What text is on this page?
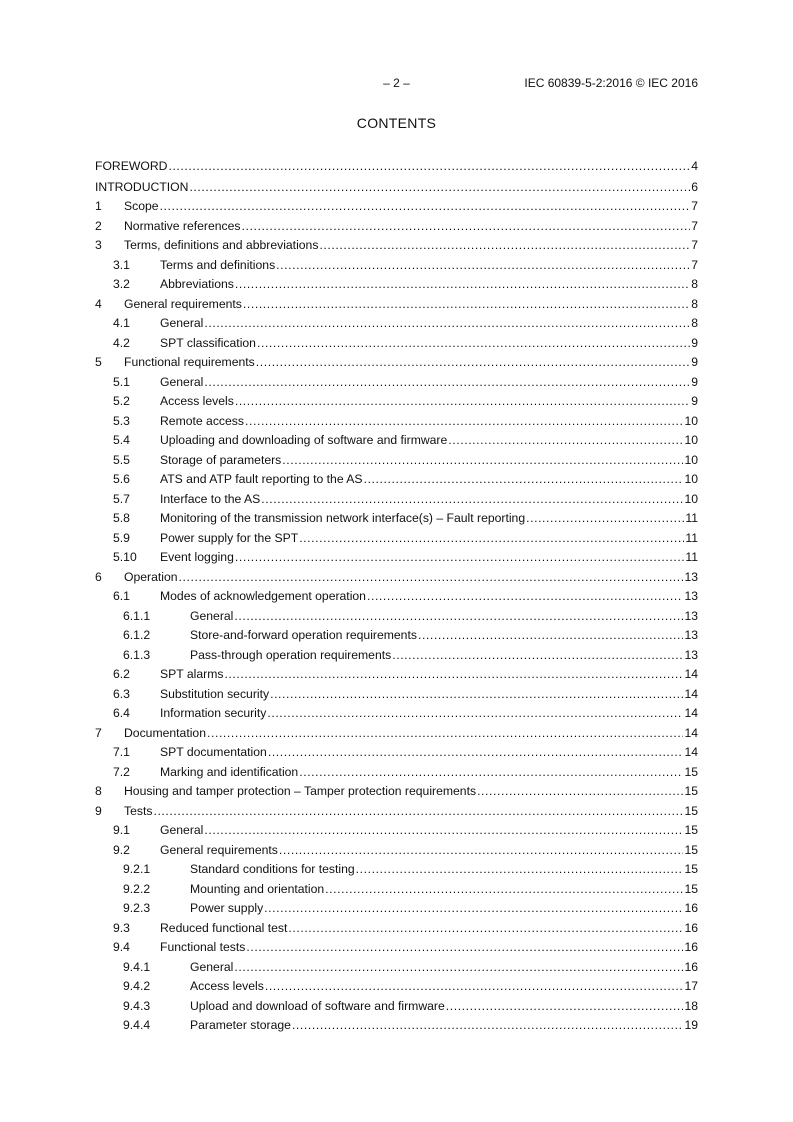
– 2 –	IEC 60839-5-2:2016 © IEC 2016
CONTENTS
FOREWORD .....	4
INTRODUCTION .....	6
1	Scope .....	7
2	Normative references .....	7
3	Terms, definitions and abbreviations .....	7
3.1	Terms and definitions .....	7
3.2	Abbreviations .....	8
4	General requirements .....	8
4.1	General .....	8
4.2	SPT classification .....	9
5	Functional requirements .....	9
5.1	General .....	9
5.2	Access levels .....	9
5.3	Remote access .....	10
5.4	Uploading and downloading of software and firmware .....	10
5.5	Storage of parameters .....	10
5.6	ATS and ATP fault reporting to the AS .....	10
5.7	Interface to the AS .....	10
5.8	Monitoring of the transmission network interface(s) – Fault reporting .....	11
5.9	Power supply for the SPT .....	11
5.10	Event logging .....	11
6	Operation .....	13
6.1	Modes of acknowledgement operation .....	13
6.1.1	General .....	13
6.1.2	Store-and-forward operation requirements .....	13
6.1.3	Pass-through operation requirements .....	13
6.2	SPT alarms .....	14
6.3	Substitution security .....	14
6.4	Information security .....	14
7	Documentation .....	14
7.1	SPT documentation .....	14
7.2	Marking and identification .....	15
8	Housing and tamper protection – Tamper protection requirements .....	15
9	Tests .....	15
9.1	General .....	15
9.2	General requirements .....	15
9.2.1	Standard conditions for testing .....	15
9.2.2	Mounting and orientation .....	15
9.2.3	Power supply .....	16
9.3	Reduced functional test .....	16
9.4	Functional tests .....	16
9.4.1	General .....	16
9.4.2	Access levels .....	17
9.4.3	Upload and download of software and firmware .....	18
9.4.4	Parameter storage .....	19
